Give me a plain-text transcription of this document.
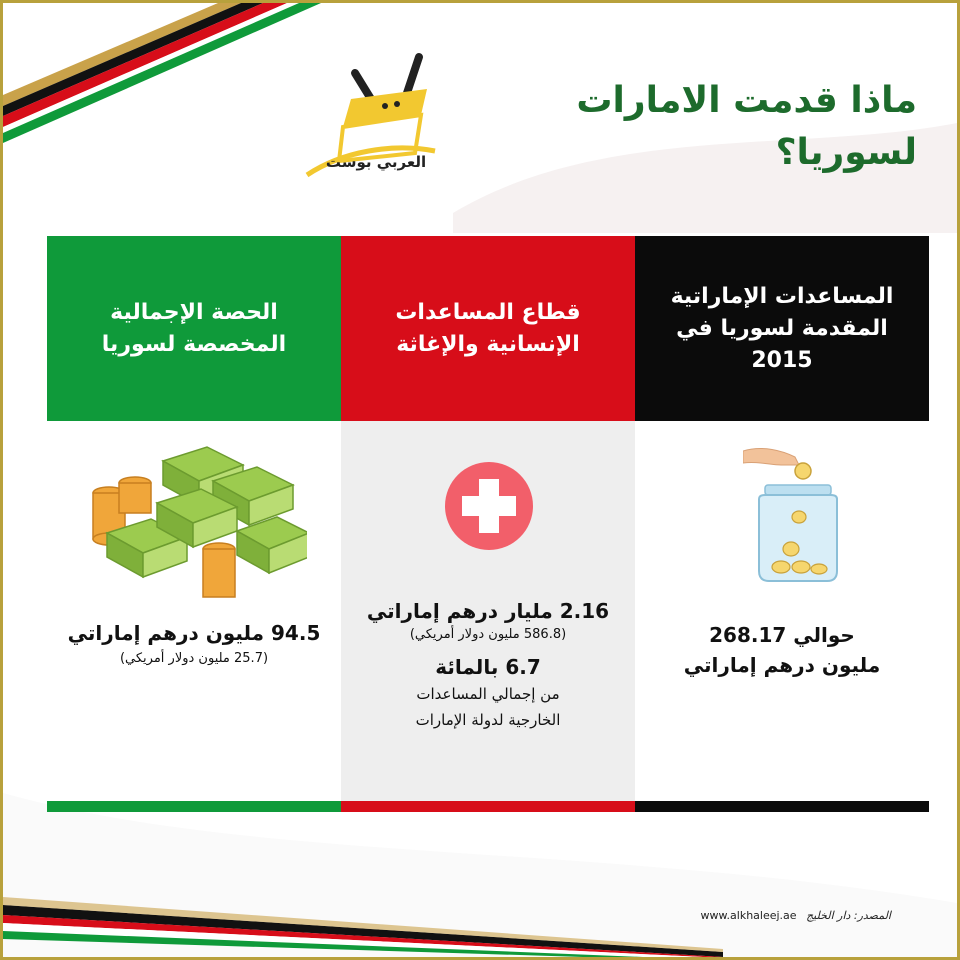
العربي بوست
ماذا قدمت الامارات
لسوريا؟
الحصة الإجمالية المخصصة لسوريا
94.5 مليون درهم إماراتي
(25.7 مليون دولار أمريكي)
قطاع المساعدات الإنسانية والإغاثة
2.16 مليار درهم إماراتي
(586.8 مليون دولار أمريكي)
6.7 بالمائة
من إجمالي المساعدات
الخارجية لدولة الإمارات
المساعدات الإماراتية المقدمة لسوريا في 2015
حوالي 268.17
مليون درهم إماراتي
www.alkhaleej.ae المصدر: دار الخليج
